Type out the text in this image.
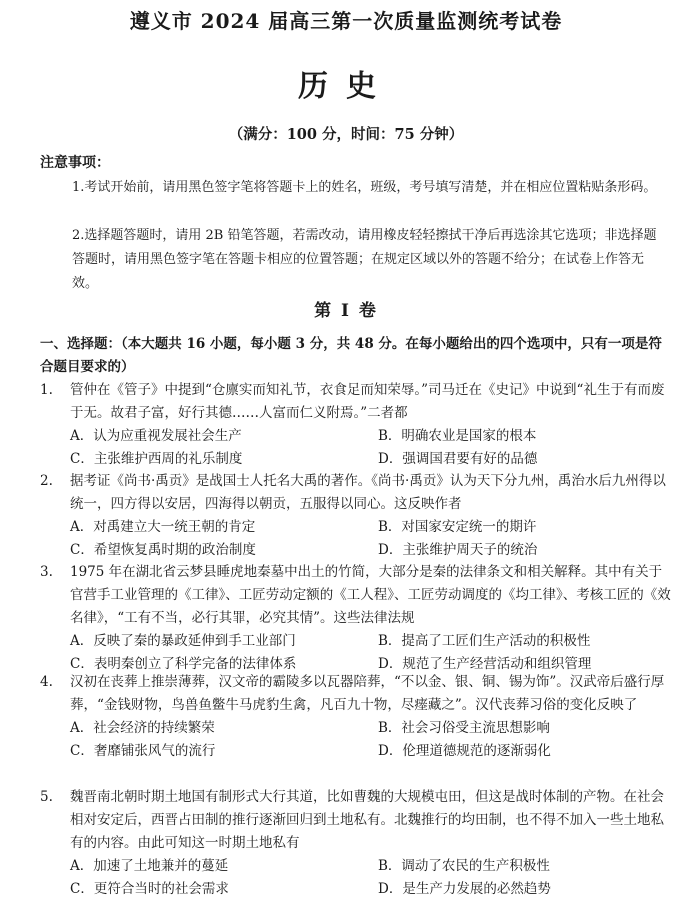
遵义市 2024 届高三第一次质量监测统考试卷
历史
（满分：100 分，时间：75 分钟）
注意事项：
1.考试开始前，请用黑色签字笔将答题卡上的姓名，班级，考号填写清楚，并在相应位置粘贴条形码。
2.选择题答题时，请用 2B 铅笔答题，若需改动，请用橡皮轻轻擦拭干净后再选涂其它选项；非选择题答题时，请用黑色签字笔在答题卡相应的位置答题；在规定区域以外的答题不给分；在试卷上作答无效。
第 I 卷
一、选择题：（本大题共 16 小题，每小题 3 分，共 48 分。在每小题给出的四个选项中，只有一项是符合题目要求的）
1. 管仲在《管子》中提到“仓廪实而知礼节，衣食足而知荣辱。”司马迁在《史记》中说到“礼生于有而废于无。故君子富，好行其德……人富而仁义附焉。”二者都
A．认为应重视发展社会生产	B．明确农业是国家的根本
C．主张维护西周的礼乐制度	D．强调国君要有好的品德
2. 据考证《尚书·禹贡》是战国士人托名大禹的著作。《尚书·禹贡》认为天下分九州，禹治水后九州得以统一，四方得以安居，四海得以朝贡，五服得以同心。这反映作者
A．对禹建立大一统王朝的肯定	B．对国家安定统一的期许
C．希望恢复禹时期的政治制度	D．主张维护周天子的统治
3. 1975 年在湖北省云梦县睡虎地秦墓中出土的竹简，大部分是秦的法律条文和相关解释。其中有关于官营手工业管理的《工律》、工匠劳动定额的《工人程》、工匠劳动调度的《均工律》、考核工匠的《效名律》，“工有不当，必行其罪，必究其情”。这些法律法规
A．反映了秦的暴政延伸到手工业部门	B．提高了工匠们生产活动的积极性
C．表明秦创立了科学完备的法律体系	D．规范了生产经营活动和组织管理
4. 汉初在丧葬上推崇薄葬，汉文帝的霸陵多以瓦器陪葬，“不以金、银、铜、锡为饰”。汉武帝后盛行厚葬，“金钱财物，鸟兽鱼鳖牛马虎豹生禽，凡百九十物，尽瘗藏之”。汉代丧葬习俗的变化反映了
A．社会经济的持续繁荣	B．社会习俗受主流思想影响
C．奢靡铺张风气的流行	D．伦理道德规范的逐渐弱化
5. 魏晋南北朝时期土地国有制形式大行其道，比如曹魏的大规模屯田，但这是战时体制的产物。在社会相对安定后，西晋占田制的推行逐渐回归到土地私有。北魏推行的均田制，也不得不加入一些土地私有的内容。由此可知这一时期土地私有
A．加速了土地兼并的蔓延	B．调动了农民的生产积极性
C．更符合当时的社会需求	D．是生产力发展的必然趋势
